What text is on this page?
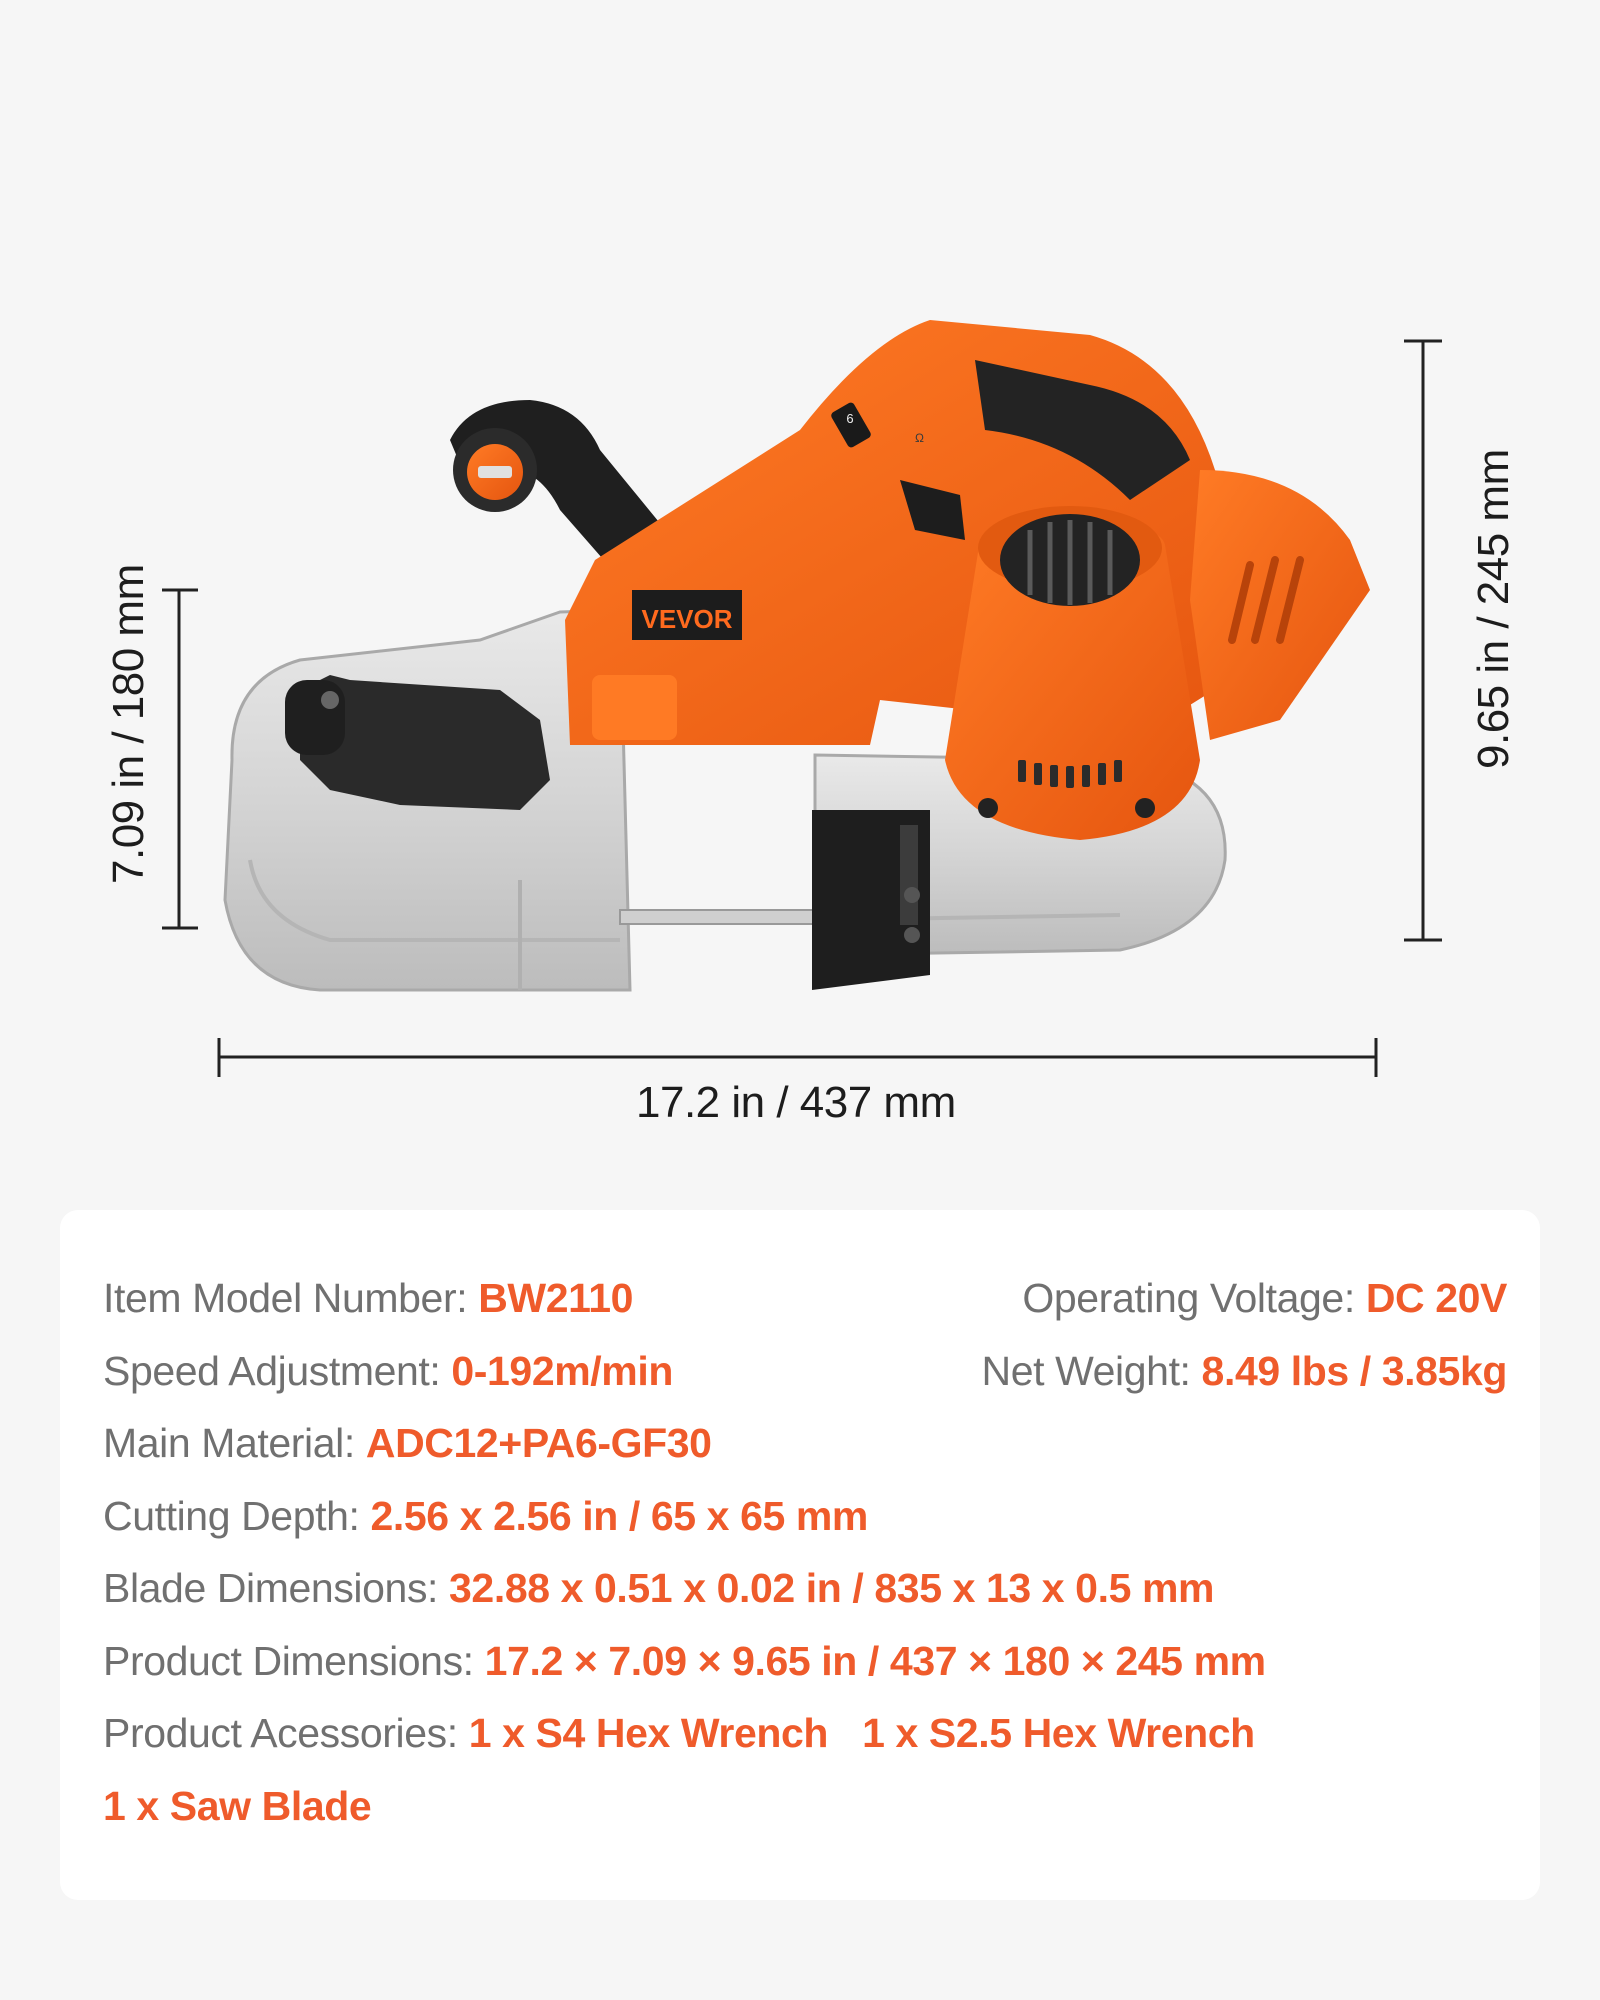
6
Ω
VEVOR
17.2 in / 437 mm
7.09 in / 180 mm	9.65 in / 245 mm
Item Model Number: BW2110	Operating Voltage: DC 20V
Speed Adjustment: 0-192m/min	Net Weight: 8.49 lbs / 3.85kg
Main Material: ADC12+PA6-GF30
Cutting Depth: 2.56 x 2.56 in / 65 x 65 mm
Blade Dimensions: 32.88 x 0.51 x 0.02 in / 835 x 13 x 0.5 mm
Product Dimensions: 17.2 × 7.09 × 9.65 in / 437 × 180 × 245 mm
Product Acessories: 1 x S4 Hex Wrench 1 x S2.5 Hex Wrench
1 x Saw Blade
